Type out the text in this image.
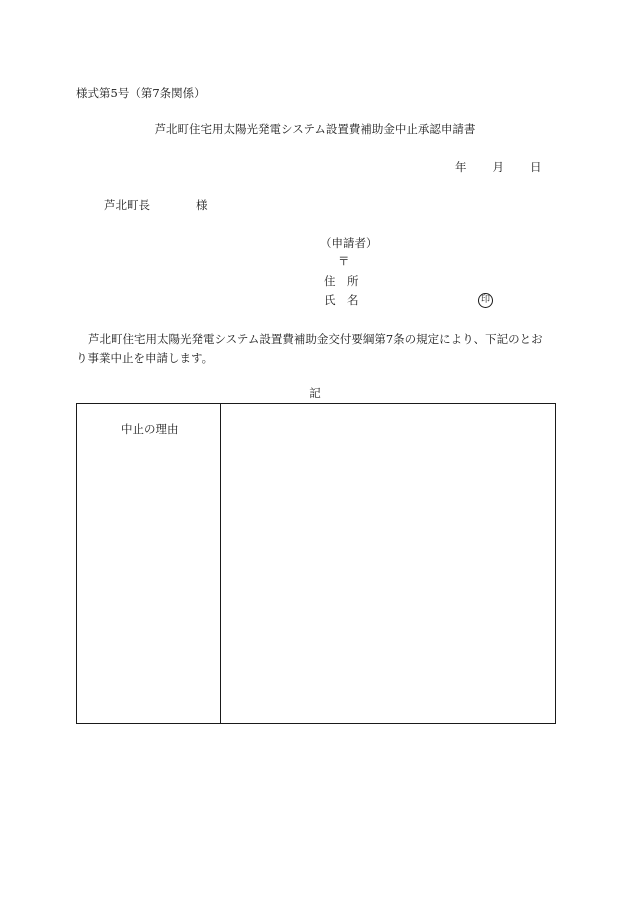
様式第5号（第7条関係）
芦北町住宅用太陽光発電システム設置費補助金中止承認申請書
年 月 日
芦北町長	様
（申請者）
〒
住　所
氏　名	印
芦北町住宅用太陽光発電システム設置費補助金交付要綱第7条の規定により、下記のとおり事業中止を申請します。
記
中止の理由
